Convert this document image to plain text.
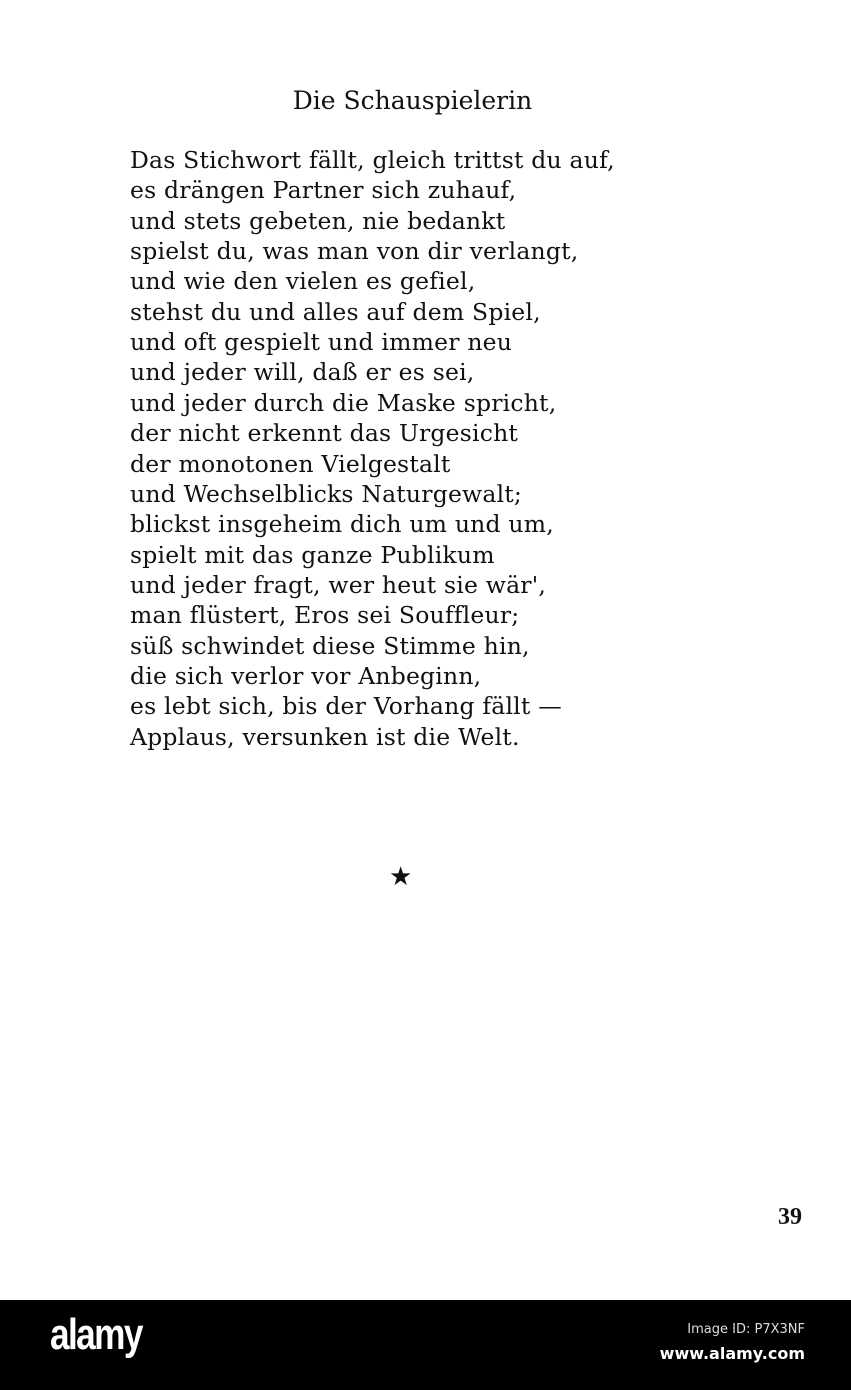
Die Schauspielerin
Das Stichwort fällt, gleich trittst du auf,
es drängen Partner sich zuhauf,
und stets gebeten, nie bedankt
spielst du, was man von dir verlangt,
und wie den vielen es gefiel,
stehst du und alles auf dem Spiel,
und oft gespielt und immer neu
und jeder will, daß er es sei,
und jeder durch die Maske spricht,
der nicht erkennt das Urgesicht
der monotonen Vielgestalt
und Wechselblicks Naturgewalt;
blickst insgeheim dich um und um,
spielt mit das ganze Publikum
und jeder fragt, wer heut sie wär',
man flüstert, Eros sei Souffleur;
süß schwindet diese Stimme hin,
die sich verlor vor Anbeginn,
es lebt sich, bis der Vorhang fällt —
Applaus, versunken ist die Welt.
★
39
alamy	Image ID: P7X3NF
www.alamy.com
